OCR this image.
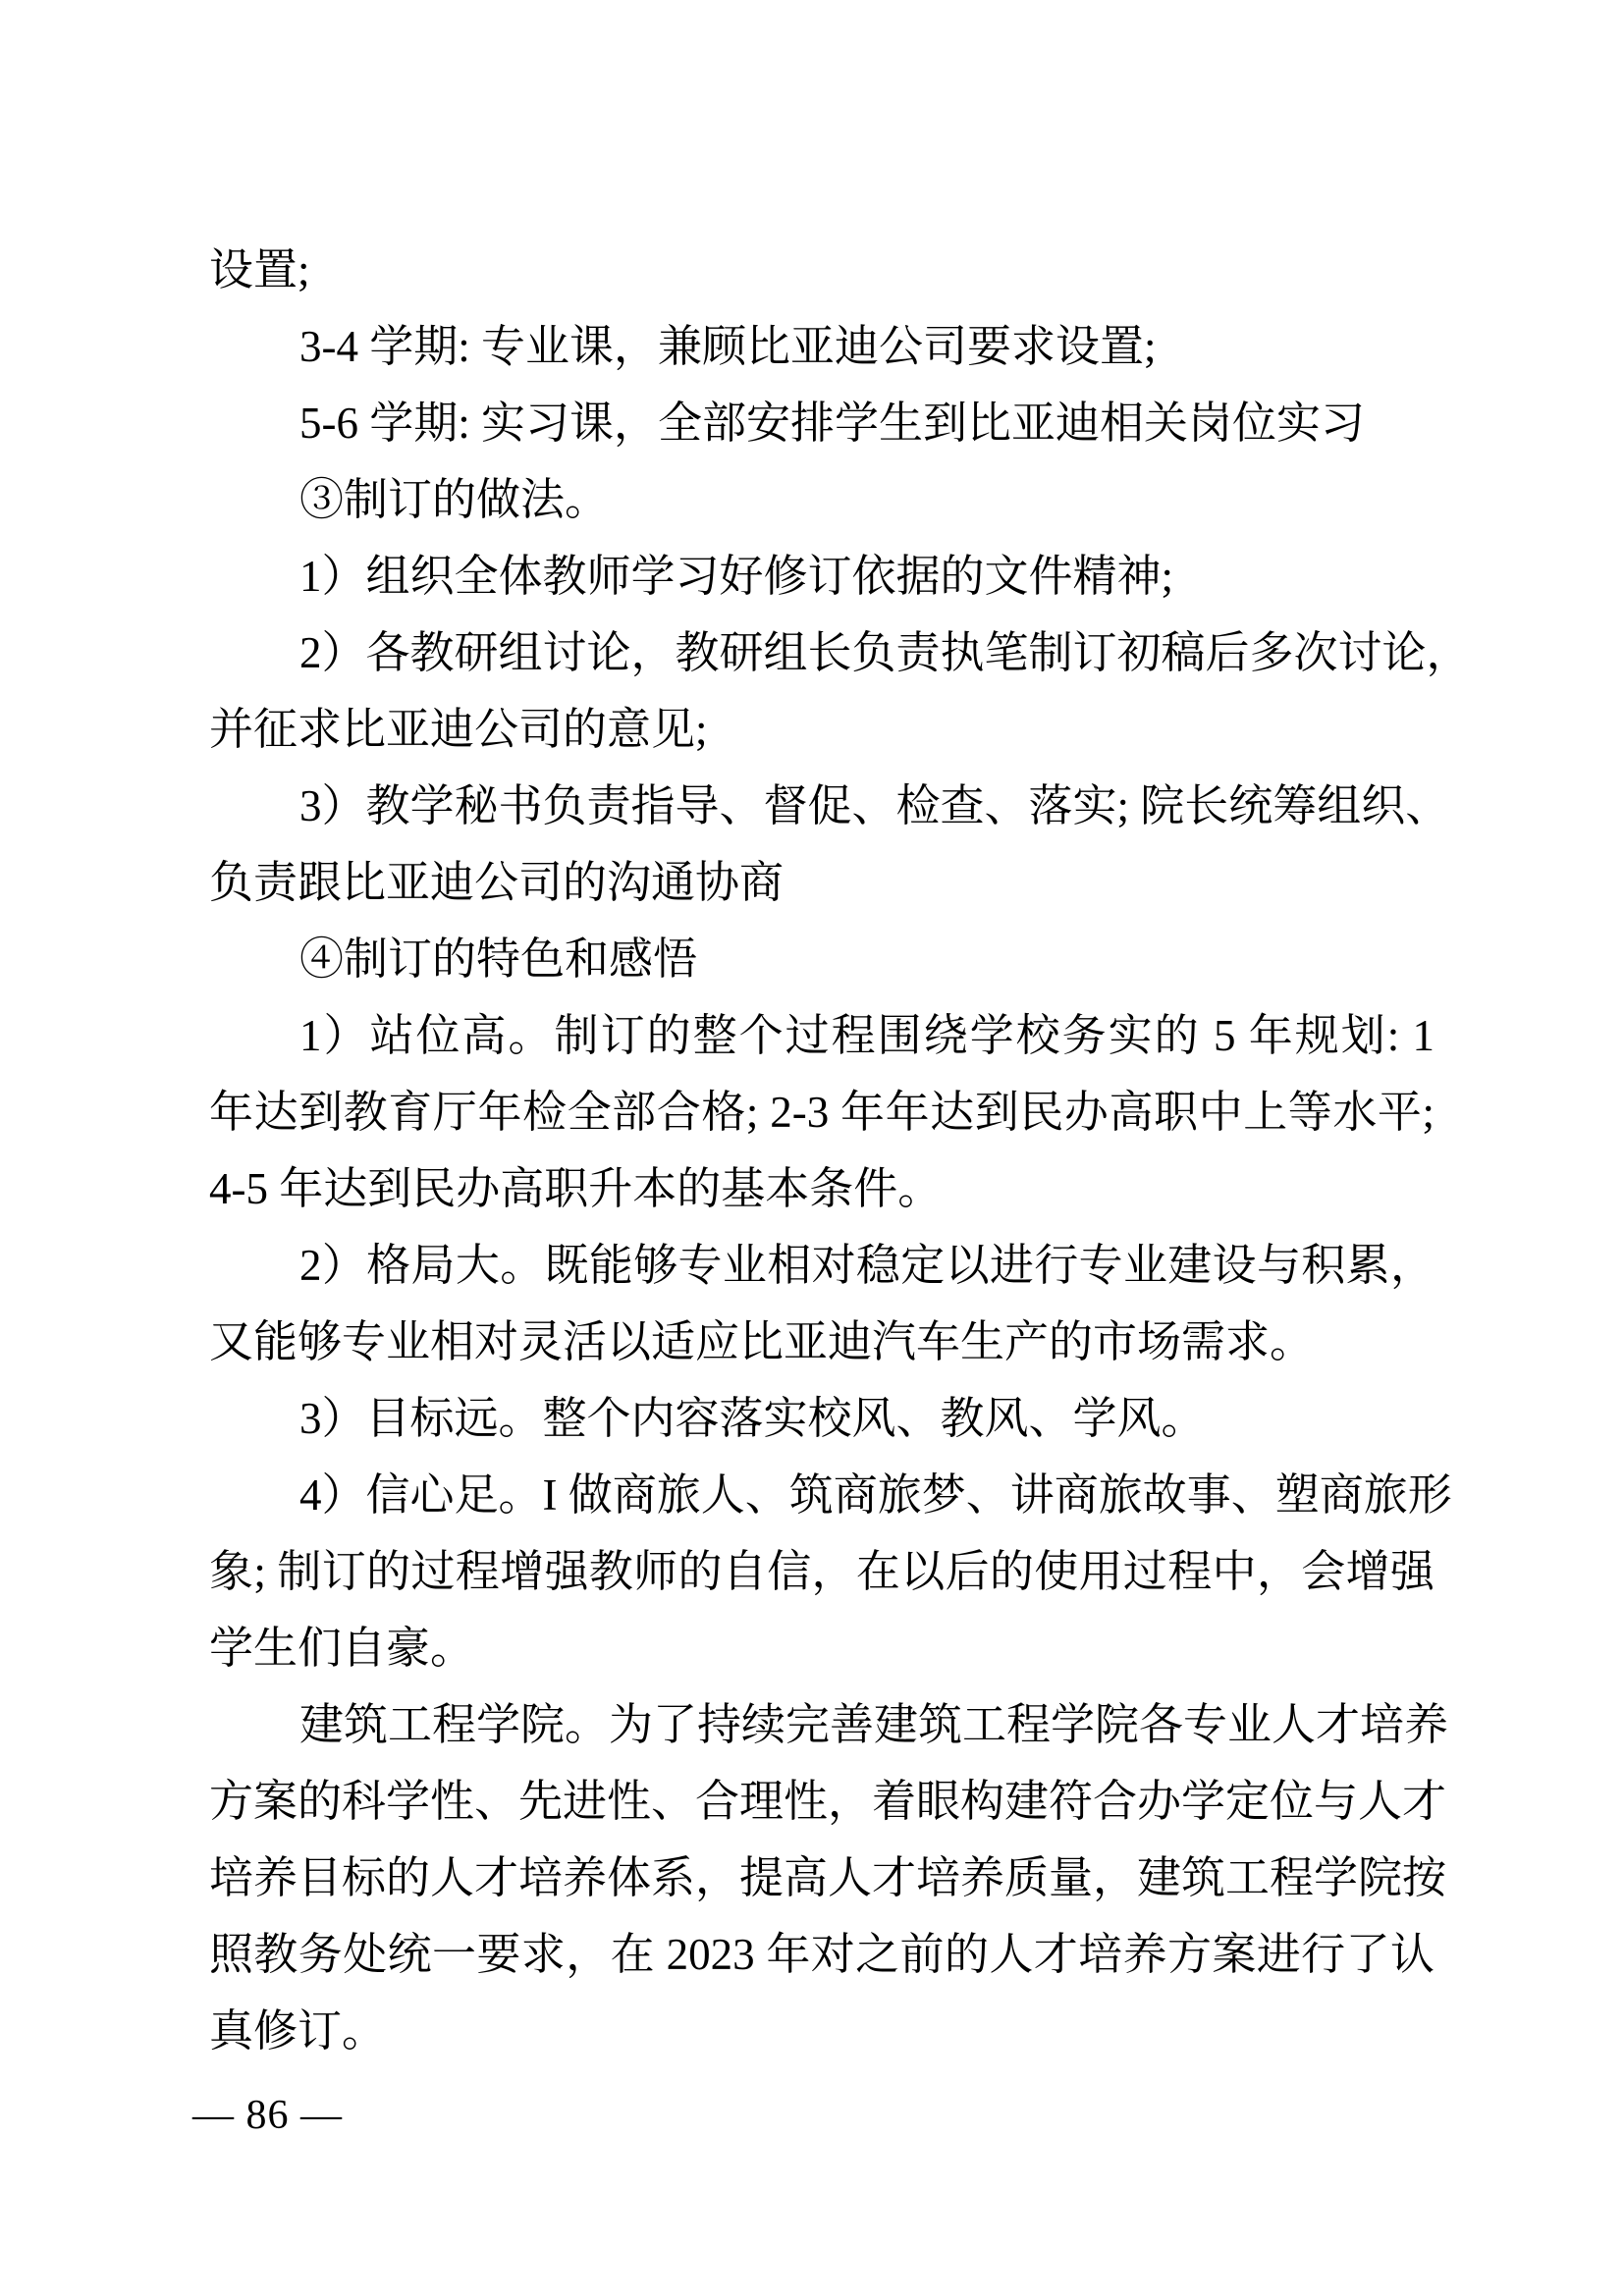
设置;
3-4 学期: 专业课，兼顾比亚迪公司要求设置;
5-6 学期: 实习课，全部安排学生到比亚迪相关岗位实习
③制订的做法。
1）组织全体教师学习好修订依据的文件精神;
2）各教研组讨论，教研组长负责执笔制订初稿后多次讨论，
并征求比亚迪公司的意见;
3）教学秘书负责指导、督促、检查、落实; 院长统筹组织、
负责跟比亚迪公司的沟通协商
④制订的特色和感悟
1）站位高。制订的整个过程围绕学校务实的 5 年规划: 1
年达到教育厅年检全部合格; 2-3 年年达到民办高职中上等水平;
4-5 年达到民办高职升本的基本条件。
2）格局大。既能够专业相对稳定以进行专业建设与积累，
又能够专业相对灵活以适应比亚迪汽车生产的市场需求。
3）目标远。整个内容落实校风、教风、学风。
4）信心足。I 做商旅人、筑商旅梦、讲商旅故事、塑商旅形
象; 制订的过程增强教师的自信，在以后的使用过程中，会增强
学生们自豪。
建筑工程学院。为了持续完善建筑工程学院各专业人才培养
方案的科学性、先进性、合理性，着眼构建符合办学定位与人才
培养目标的人才培养体系，提高人才培养质量，建筑工程学院按
照教务处统一要求，在 2023 年对之前的人才培养方案进行了认
真修订。
— 86 —
